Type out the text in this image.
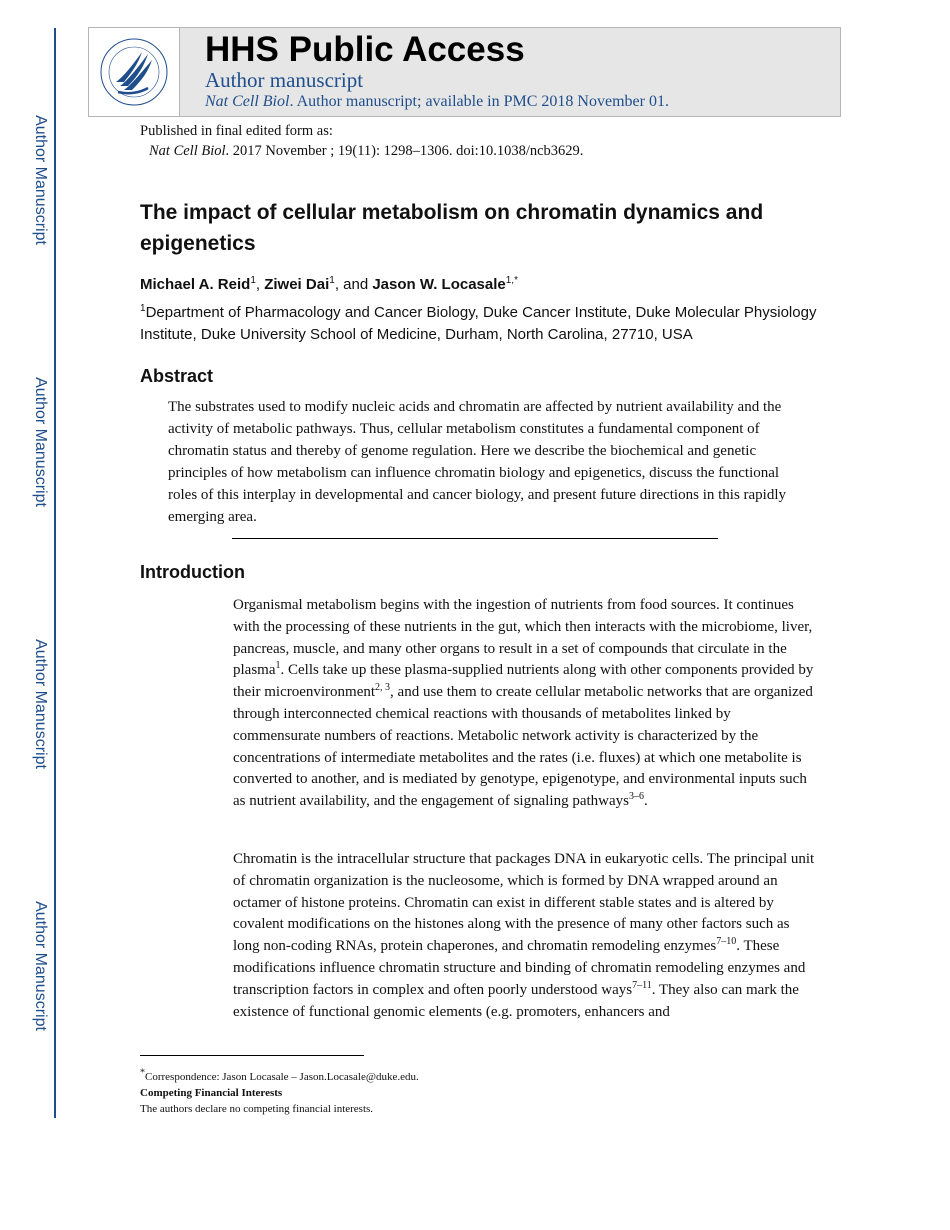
Author Manuscript
Author Manuscript
Author Manuscript
Author Manuscript
HHS Public Access
Author manuscript
Nat Cell Biol. Author manuscript; available in PMC 2018 November 01.
Published in final edited form as:
Nat Cell Biol. 2017 November ; 19(11): 1298–1306. doi:10.1038/ncb3629.
The impact of cellular metabolism on chromatin dynamics and epigenetics
Michael A. Reid$^1$, Ziwei Dai$^1$, and Jason W. Locasale$^{1,*}$
$^1$Department of Pharmacology and Cancer Biology, Duke Cancer Institute, Duke Molecular Physiology Institute, Duke University School of Medicine, Durham, North Carolina, 27710, USA
Abstract
The substrates used to modify nucleic acids and chromatin are affected by nutrient availability and the activity of metabolic pathways. Thus, cellular metabolism constitutes a fundamental component of chromatin status and thereby of genome regulation. Here we describe the biochemical and genetic principles of how metabolism can influence chromatin biology and epigenetics, discuss the functional roles of this interplay in developmental and cancer biology, and present future directions in this rapidly emerging area.
Introduction
Organismal metabolism begins with the ingestion of nutrients from food sources. It continues with the processing of these nutrients in the gut, which then interacts with the microbiome, liver, pancreas, muscle, and many other organs to result in a set of compounds that circulate in the plasma$^1$. Cells take up these plasma-supplied nutrients along with other components provided by their microenvironment$^{2, 3}$, and use them to create cellular metabolic networks that are organized through interconnected chemical reactions with thousands of metabolites linked by commensurate numbers of reactions. Metabolic network activity is characterized by the concentrations of intermediate metabolites and the rates (i.e. fluxes) at which one metabolite is converted to another, and is mediated by genotype, epigenotype, and environmental inputs such as nutrient availability, and the engagement of signaling pathways$^{3-6}$.
Chromatin is the intracellular structure that packages DNA in eukaryotic cells. The principal unit of chromatin organization is the nucleosome, which is formed by DNA wrapped around an octamer of histone proteins. Chromatin can exist in different stable states and is altered by covalent modifications on the histones along with the presence of many other factors such as long non-coding RNAs, protein chaperones, and chromatin remodeling enzymes$^{7-10}$. These modifications influence chromatin structure and binding of chromatin remodeling enzymes and transcription factors in complex and often poorly understood ways$^{7-11}$. They also can mark the existence of functional genomic elements (e.g. promoters, enhancers and
*Correspondence: Jason Locasale – Jason.Locasale@duke.edu.
Competing Financial Interests
The authors declare no competing financial interests.
